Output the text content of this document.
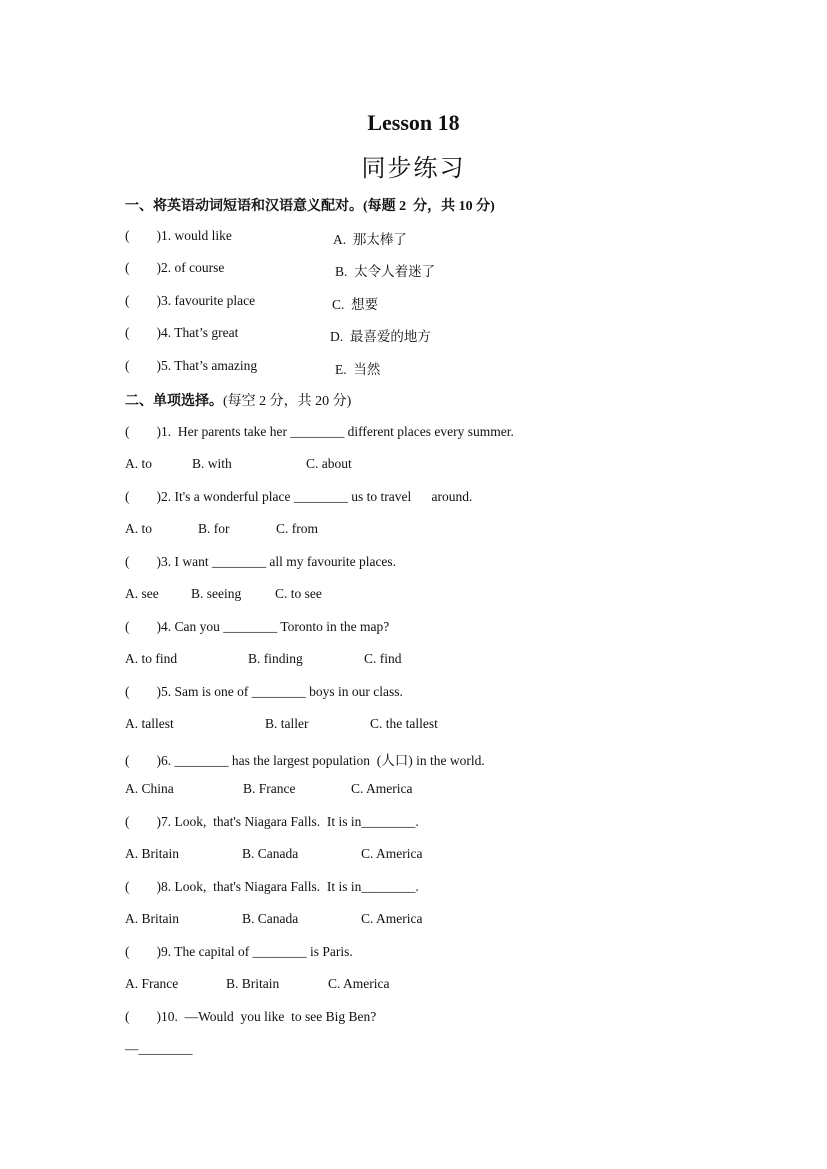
Lesson 18
同步练习
一、将英语动词短语和汉语意义配对。(每题 2  分，共 10 分)
(        )1. would like	A.  那太棒了
(        )2. of course	B.  太令人着迷了
(        )3. favourite place	C.  想要
(        )4. That’s great	D.  最喜爱的地方
(        )5. That’s amazing	E.  当然
二、单项选择。(每空 2 分，共 20 分)
(        )1.  Her parents take her ________ different places every summer.
A. to	B. with	C. about
(        )2. It's a wonderful place ________ us to travel      around.
A. to	B. for	C. from
(        )3. I want ________ all my favourite places.
A. see B. seeing	C. to see
(        )4. Can you ________ Toronto in the map?
A. to find	B. finding	C. find
(        )5. Sam is one of ________ boys in our class.
A. tallest	B. taller	C. the tallest
(        )6. ________ has the largest population  (人口) in the world.
A. China	B. France	C. America
(        )7. Look,  that's Niagara Falls.  It is in________.
A. Britain	B. Canada	C. America
(        )8. Look,  that's Niagara Falls.  It is in________.
A. Britain	B. Canada	C. America
(        )9. The capital of ________ is Paris.
A. France	B. Britain	C. America
(        )10.  —Would  you like  to see Big Ben?
—________
